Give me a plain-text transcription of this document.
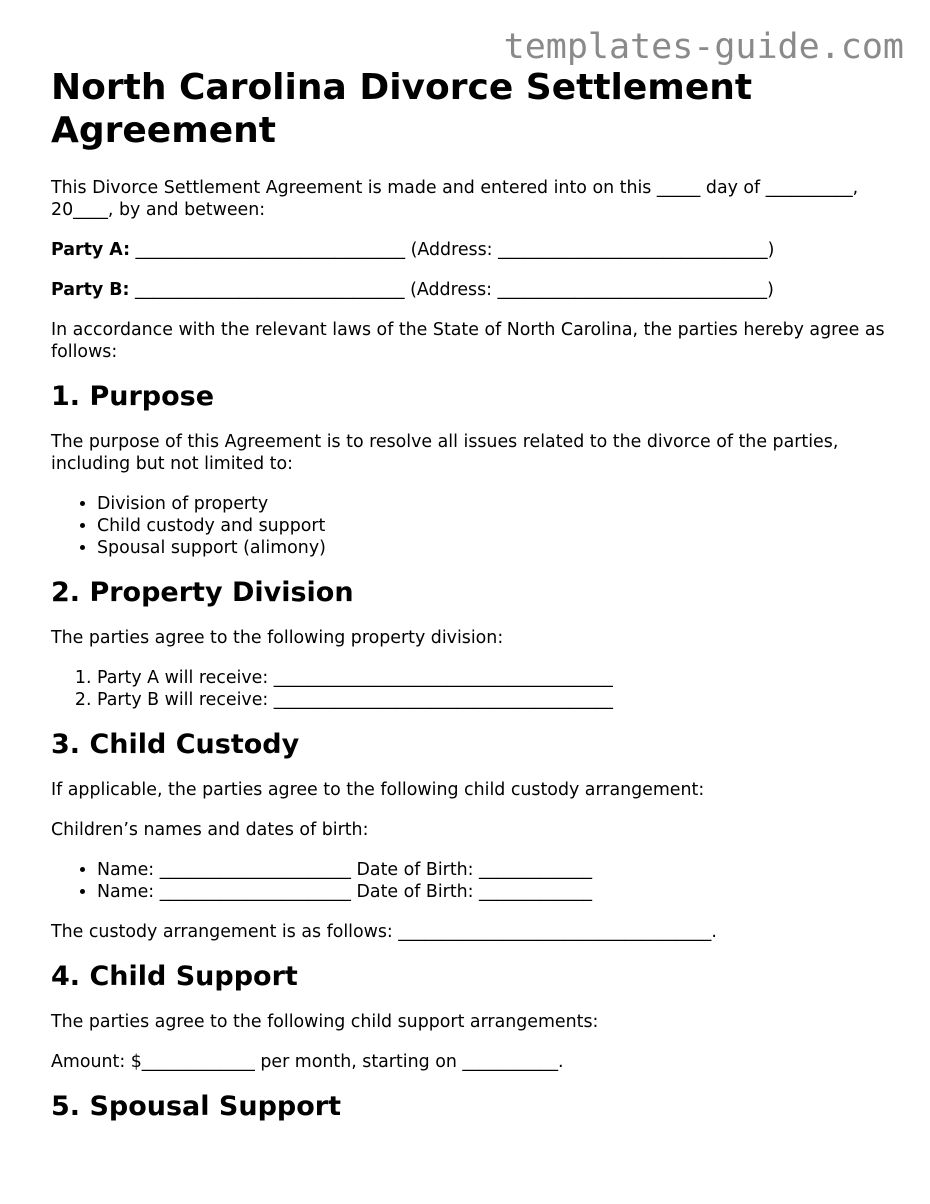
templates-guide.com
North Carolina Divorce Settlement Agreement

This Divorce Settlement Agreement is made and entered into on this _____ day of __________, 20____, by and between:

Party A: _______________________________ (Address: _______________________________)

Party B: _______________________________ (Address: _______________________________)

In accordance with the relevant laws of the State of North Carolina, the parties hereby agree as follows:

1. Purpose

The purpose of this Agreement is to resolve all issues related to the divorce of the parties, including but not limited to:

• Division of property
• Child custody and support
• Spousal support (alimony)
2. Property Division

The parties agree to the following property division:

1. Party A will receive: _______________________________________
2. Party B will receive: _______________________________________
3. Child Custody

If applicable, the parties agree to the following child custody arrangement:

Children’s names and dates of birth:

• Name: ______________________ Date of Birth: _____________
• Name: ______________________ Date of Birth: _____________

The custody arrangement is as follows: ____________________________________.

4. Child Support

The parties agree to the following child support arrangements:

Amount: $_____________ per month, starting on ___________.

5. Spousal Support
